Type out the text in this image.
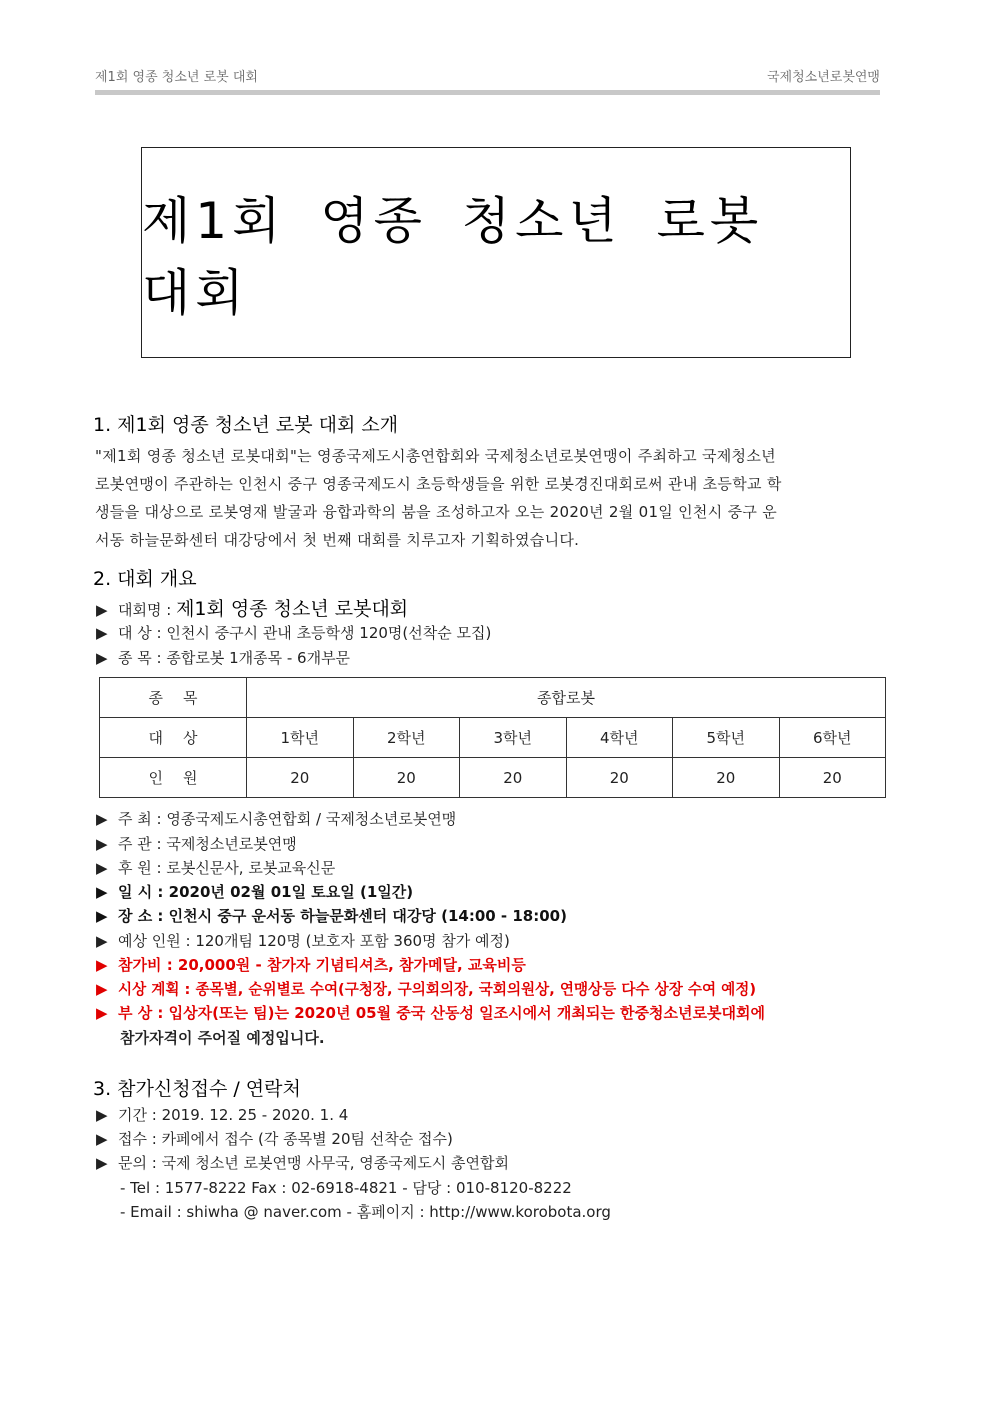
제1회 영종 청소년 로봇 대회	국제청소년로봇연맹
제1회 영종 청소년 로봇 대회
1. 제1회 영종 청소년 로봇 대회 소개
"제1회 영종 청소년 로봇대회"는 영종국제도시총연합회와 국제청소년로봇연맹이 주최하고 국제청소년
로봇연맹이 주관하는 인천시 중구 영종국제도시 초등학생들을 위한 로봇경진대회로써 관내 초등학교 학
생들을 대상으로 로봇영재 발굴과 융합과학의 붐을 조성하고자 오는 2020년 2월 01일 인천시 중구 운
서동 하늘문화센터 대강당에서 첫 번째 대회를 치루고자 기획하였습니다.
2. 대회 개요
▶ 대회명 : 제1회 영종 청소년 로봇대회
▶ 대 상 : 인천시 중구시 관내 초등학생 120명(선착순 모집)
▶ 종 목 : 종합로봇 1개종목 - 6개부문
종목	종합로봇					
대상	1학년	2학년	3학년	4학년	5학년	6학년
인원	20	20	20	20	20	20
▶ 주 최 : 영종국제도시총연합회 / 국제청소년로봇연맹
▶ 주 관 : 국제청소년로봇연맹
▶ 후 원 : 로봇신문사, 로봇교육신문
▶ 일 시 : 2020년 02월 01일 토요일 (1일간)
▶ 장 소 : 인천시 중구 운서동 하늘문화센터 대강당 (14:00 - 18:00)
▶ 예상 인원 : 120개팀 120명 (보호자 포함 360명 참가 예정)
▶ 참가비 : 20,000원 - 참가자 기념티셔츠, 참가메달, 교육비등
▶ 시상 계획 : 종목별, 순위별로 수여(구청장, 구의회의장, 국회의원상, 연맹상등 다수 상장 수여 예정)
▶ 부 상 : 입상자(또는 팀)는 2020년 05월 중국 산동성 일조시에서 개최되는 한중청소년로봇대회에
참가자격이 주어질 예정입니다.
3. 참가신청접수 / 연락처
▶ 기간 : 2019. 12. 25 - 2020. 1. 4
▶ 접수 : 카페에서 접수 (각 종목별 20팀 선착순 접수)
▶ 문의 : 국제 청소년 로봇연맹 사무국, 영종국제도시 총연합회
- Tel : 1577-8222 Fax : 02-6918-4821 - 담당 : 010-8120-8222
- Email : shiwha @ naver.com - 홈페이지 : http://www.korobota.org
